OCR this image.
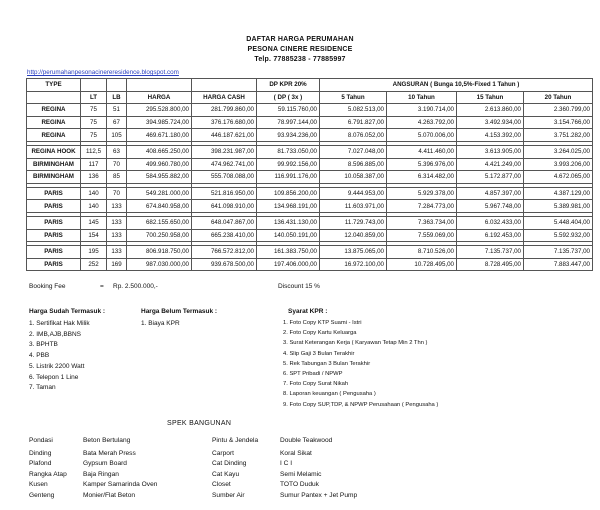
DAFTAR HARGA PERUMAHAN
PESONA CINERE RESIDENCE
Telp. 77885238 - 77885997
http://perumahanpesonacinereresidence.blogspot.com
TYPE					DP KPR 20%	ANGSURAN ( Bunga 10,5%-Fixed 1 Tahun )			
	LT	LB	HARGA	HARGA CASH	( DP ( 3x )	5 Tahun	10 Tahun	15 Tahun	20 Tahun
REGINA	75	51	295.528.800,00	281.799.860,00	59.115.760,00	5.082.513,00	3.190.714,00	2.613.860,00	2.360.799,00
REGINA	75	67	394.985.724,00	376.176.680,00	78.997.144,00	6.791.827,00	4.263.792,00	3.492.934,00	3.154.766,00
REGINA	75	105	469.671.180,00	446.187.621,00	93.934.236,00	8.076.052,00	5.070.006,00	4.153.392,00	3.751.282,00

REGINA HOOK	112,5	63	408.665.250,00	398.231.987,00	81.733.050,00	7.027.048,00	4.411.460,00	3.613.905,00	3.264.025,00
BIRMINGHAM	117	70	499.960.780,00	474.962.741,00	99.992.156,00	8.596.885,00	5.396.976,00	4.421.249,00	3.993.206,00
BIRMINGHAM	136	85	584.955.882,00	555.708.088,00	116.991.176,00	10.058.387,00	6.314.482,00	5.172.877,00	4.672.065,00

PARIS	140	70	549.281.000,00	521.816.950,00	109.856.200,00	9.444.953,00	5.929.378,00	4.857.397,00	4.387.129,00
PARIS	140	133	674.840.958,00	641.098.910,00	134.968.191,00	11.603.971,00	7.284.773,00	5.967.748,00	5.389.981,00

PARIS	145	133	682.155.650,00	648.047.867,00	136.431.130,00	11.729.743,00	7.363.734,00	6.032.433,00	5.448.404,00
PARIS	154	133	700.250.958,00	665.238.410,00	140.050.191,00	12.040.859,00	7.559.069,00	6.192.453,00	5.592.932,00

PARIS	195	133	806.918.750,00	766.572.812,00	161.383.750,00	13.875.065,00	8.710.526,00	7.135.737,00	7.135.737,00
PARIS	252	169	987.030.000,00	939.678.500,00	197.406.000,00	16.972.100,00	10.728.495,00	8.728.495,00	7.883.447,00
Booking Fee	= Rp. 2.500.000,-	Discount 15 %
Harga Sudah Termasuk :
1. Sertifikat Hak Milik
2. IMB,AJB,BBNS
3. BPHTB
4. PBB
5. Listrik 2200 Watt
6. Telepon 1 Line
7. Taman
Harga Belum Termasuk :
1. Biaya KPR
Syarat KPR :
1. Foto Copy KTP Suami - Istri
2. Foto Copy Kartu Keluarga
3. Surat Keterangan Kerja ( Karyawan Tetap Min 2 Thn )
4. Slip Gaji 3 Bulan Terakhir
5. Rek Tabungan 3 Bulan Terakhir
6. SPT Pribadi / NPWP
7. Foto Copy Surat Nikah
8. Laporan keuangan ( Pengusaha )
9. Foto Copy SUP,TDP, & NPWP Perusahaan ( Pengusaha )
SPEK BANGUNAN
Pondasi	Beton Bertulang
Dinding	Bata Merah Press
Plafond	Gypsum Board
Rangka Atap Baja Ringan
Kusen	Kamper Samarinda Oven
Genteng	Monier/Flat Beton
Pintu & Jendela	Double Teakwood
Carport	Koral Sikat
Cat Dinding	I C I
Cat Kayu	Semi Melamic
Closet	TOTO Duduk
Sumber Air	Sumur Pantex + Jet Pump
